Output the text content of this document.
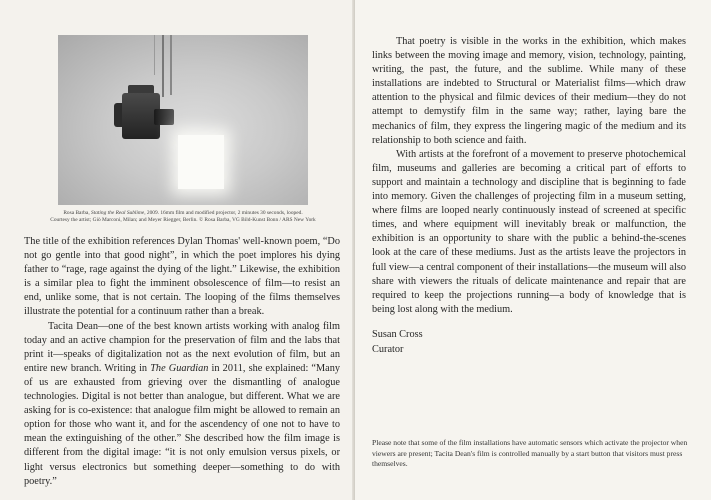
Rosa Barba, Stating the Real Sublime, 2009. 16mm film and modified projector, 2 minutes 30 seconds, looped.

Courtesy the artist; Giò Marconi, Milan; and Meyer Riegger, Berlin. © Rosa Barba, VG Bild-Kunst Bonn / ARS New York

The title of the exhibition references Dylan Thomas' well-known poem, “Do not go gentle into that good night”, in which the poet implores his dying father to “rage, rage against the dying of the light.” Likewise, the exhibition is a similar plea to fight the imminent obsolescence of film—to resist an end, unlike some, that is not certain. The looping of the films themselves illustrate the potential for a continuum rather than a break.

Tacita Dean—one of the best known artists working with analog film today and an active champion for the preservation of film and the labs that print it—speaks of digitalization not as the next evolution of film, but an entire new branch. Writing in The Guardian in 2011, she explained: “Many of us are exhausted from grieving over the dismantling of analogue technologies. Digital is not better than analogue, but different. What we are asking for is co-existence: that analogue film might be allowed to remain an option for those who want it, and for the ascendency of one not to have to mean the extinguishing of the other.” She described how the film image is different from the digital image: “it is not only emulsion versus pixels, or light versus electronics but something deeper—something to do with poetry.”

That poetry is visible in the works in the exhibition, which makes links between the moving image and memory, vision, technology, painting, writing, the past, the future, and the sublime. While many of these installations are indebted to Structural or Materialist films—which draw attention to the physical and filmic devices of their medium—they do not attempt to demystify film in the same way; rather, laying bare the mechanics of film, they express the lingering magic of the medium and its relationship to both science and faith.

With artists at the forefront of a movement to preserve photochemical film, museums and galleries are becoming a critical part of efforts to support and maintain a technology and discipline that is beginning to fade into memory. Given the challenges of projecting film in a museum setting, where films are looped nearly continuously instead of screened at specific times, and where equipment will inevitably break or malfunction, the exhibition is an opportunity to share with the public a behind-the-scenes look at the care of these mediums. Just as the artists leave the projectors in full view—a central component of their installations—the museum will also share with viewers the rituals of delicate maintenance and repair that are required to keep the projections running—a body of knowledge that is being lost along with the medium.

Susan Cross
Curator

Please note that some of the film installations have automatic sensors which activate the projector when viewers are present; Tacita Dean's film is controlled manually by a start button that visitors must press themselves.
